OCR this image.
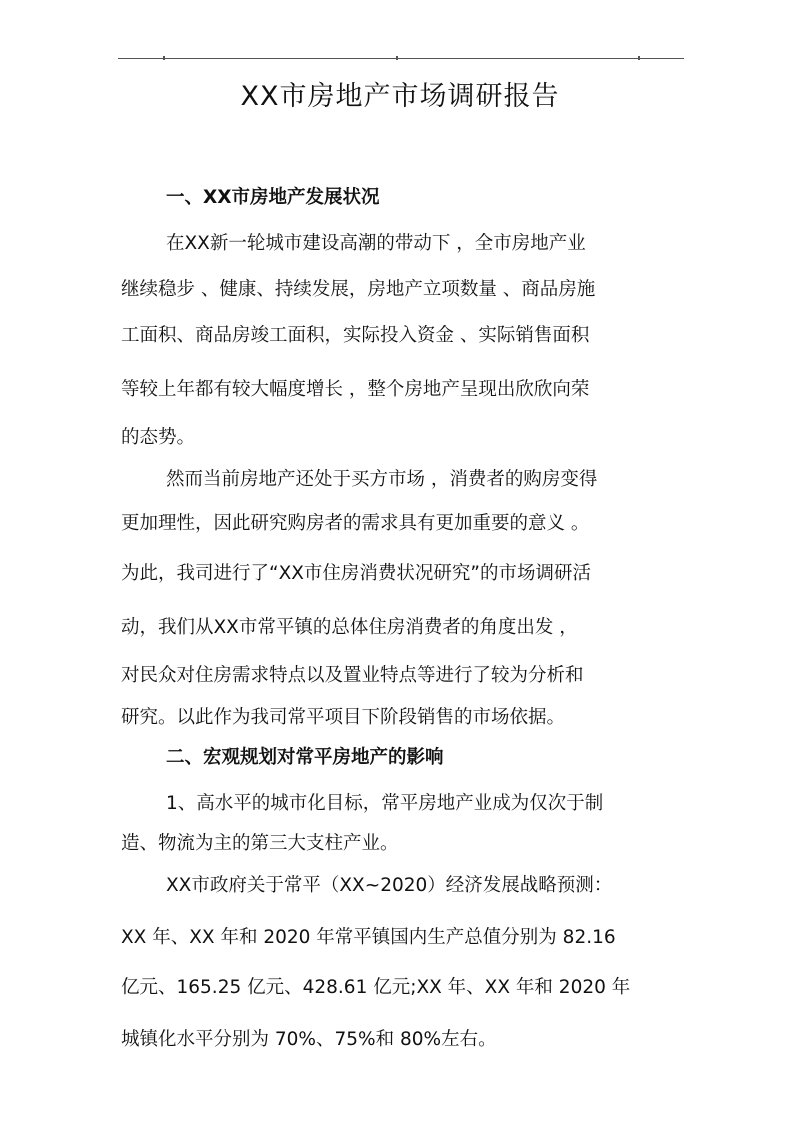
XX市房地产市场调研报告
一、XX市房地产发展状况
在XX新一轮城市建设高潮的带动下 ，全市房地产业
继续稳步 、健康、持续发展，房地产立项数量 、商品房施
工面积、商品房竣工面积，实际投入资金 、实际销售面积
等较上年都有较大幅度增长 ，整个房地产呈现出欣欣向荣
的态势。
然而当前房地产还处于买方市场 ，消费者的购房变得
更加理性，因此研究购房者的需求具有更加重要的意义 。
为此，我司进行了“XX市住房消费状况研究”的市场调研活
动，我们从XX市常平镇的总体住房消费者的角度出发 ，
对民众对住房需求特点以及置业特点等进行了较为分析和
研究。以此作为我司常平项目下阶段销售的市场依据。
二、宏观规划对常平房地产的影响
1、高水平的城市化目标，常平房地产业成为仅次于制
造、物流为主的第三大支柱产业。
XX市政府关于常平（XX~2020）经济发展战略预测：
XX 年、XX 年和 2020 年常平镇国内生产总值分别为 82.16
亿元、165.25 亿元、428.61 亿元;XX 年、XX 年和 2020 年
城镇化水平分别为 70%、75%和 80%左右。
